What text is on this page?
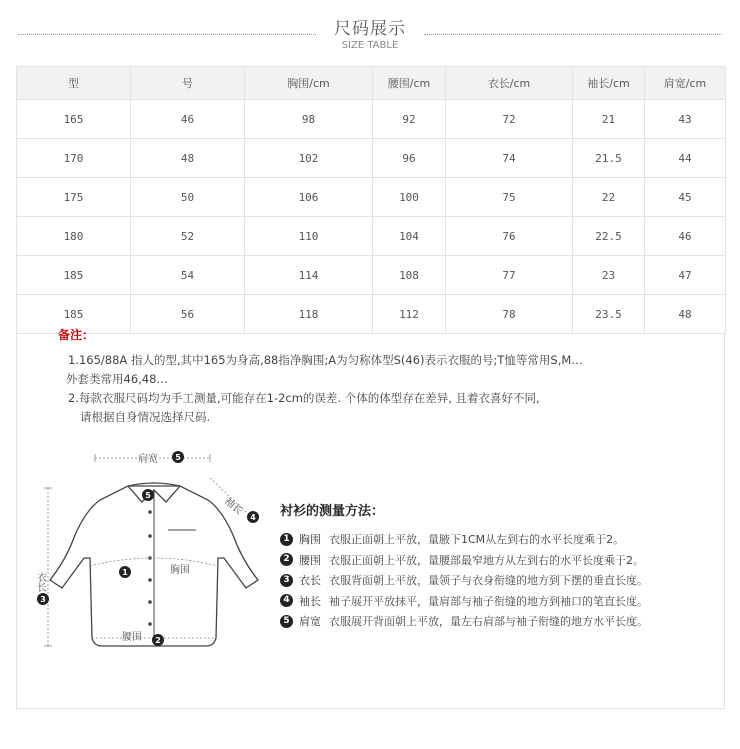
尺码展示
SIZE TABLE
型	号	胸围/cm	腰围/cm	衣长/cm	袖长/cm	肩宽/cm
165	46	98	92	72	21	43
170	48	102	96	74	21.5	44
175	50	106	100	75	22	45
180	52	110	104	76	22.5	46
185	54	114	108	77	23	47
185	56	118	112	78	23.5	48

备注：

1.165/88A 指人的型,其中165为身高,88指净胸围;A为匀称体型S(46)表示衣服的号;T恤等常用S,M…

外套类常用46,48…

2.每款衣服尺码均为手工测量,可能存在1-2cm的误差. 个体的体型存在差异, 且着衣喜好不同,

请根据自身情况选择尺码.

肩宽
袖长
衣长
胸围
腰围
5
5
4
3
1
2
衬衫的测量方法：
1 胸围 衣服正面朝上平放，量腋下1CM从左到右的水平长度乘于2。
2 腰围 衣服正面朝上平放，量腰部最窄地方从左到右的水平长度乘于2。
3 衣长 衣服背面朝上平放，量领子与衣身衔缝的地方到下摆的垂直长度。
4 袖长 袖子展开平放抹平，量肩部与袖子衔缝的地方到袖口的笔直长度。
5 肩宽 衣服展开背面朝上平放，量左右肩部与袖子衔缝的地方水平长度。
